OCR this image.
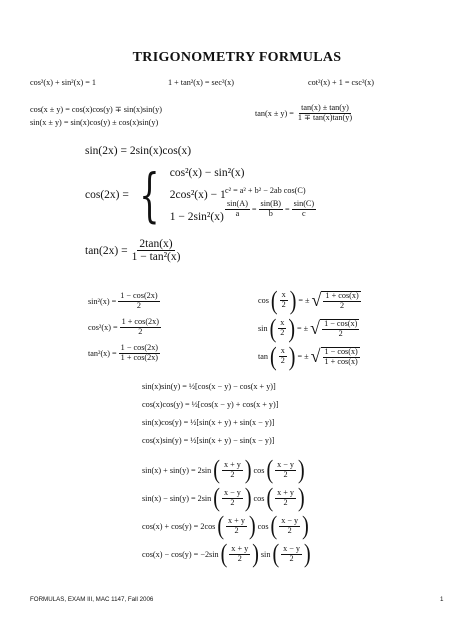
TRIGONOMETRY FORMULAS
cos²(x) + sin²(x) = 1	1 + tan²(x) = sec²(x)	cot²(x) + 1 = csc²(x)
cos(x ± y) = cos(x)cos(y) ∓ sin(x)sin(y)
sin(x ± y) = sin(x)cos(y) ± cos(x)sin(y)
$\tan(x \pm y) = \frac{\tan(x) \pm \tan(y)}{1 \mp \tan(x)\tan(y)}$
sin(2x) = 2sin(x)cos(x)
cos(2x) = { cos²(x) − sin²(x)
2cos²(x) − 1
1 − 2sin²(x)
$\tan(2x) = \frac{2\tan(x)}{\text{1 − tan²(x)}}$
c² = a² + b² − 2ab cos(C)
$\frac{\sin(A)}{a} = \frac{\sin(B)}{b} = \frac{\sin(C)}{c}$
$\sin^2(x) = \frac{1 - \cos(2x)}{2}$
$\cos^2(x) = \frac{1 + \cos(2x)}{2}$
$\tan^2(x) = \frac{1 - \cos(2x)}{1 + \cos(2x)}$
cos ( $\frac{x}{2}$ ) = ± √ $\frac{1 + \cos(x)}{2}$
sin ( $\frac{x}{2}$ ) = ± √ $\frac{1 - \cos(x)}{2}$
tan ( $\frac{x}{2}$ ) = ± √ $\frac{1 - \cos(x)}{1 + \cos(x)}$
sin(x)sin(y) = ½[cos(x − y) − cos(x + y)]
cos(x)cos(y) = ½[cos(x − y) + cos(x + y)]
sin(x)cos(y) = ½[sin(x + y) + sin(x − y)]
cos(x)sin(y) = ½[sin(x + y) − sin(x − y)]
sin(x) + sin(y) = 2sin ( $\frac{x + y}{2}$ ) cos ( $\frac{x - y}{2}$ )
sin(x) − sin(y) = 2sin ( $\frac{x - y}{2}$ ) cos ( $\frac{x + y}{2}$ )
cos(x) + cos(y) = 2cos ( $\frac{x + y}{2}$ ) cos ( $\frac{x - y}{2}$ )
cos(x) − cos(y) = −2sin ( $\frac{x + y}{2}$ ) sin ( $\frac{x - y}{2}$ )
FORMULAS, EXAM III, MAC 1147, Fall 2006	1
